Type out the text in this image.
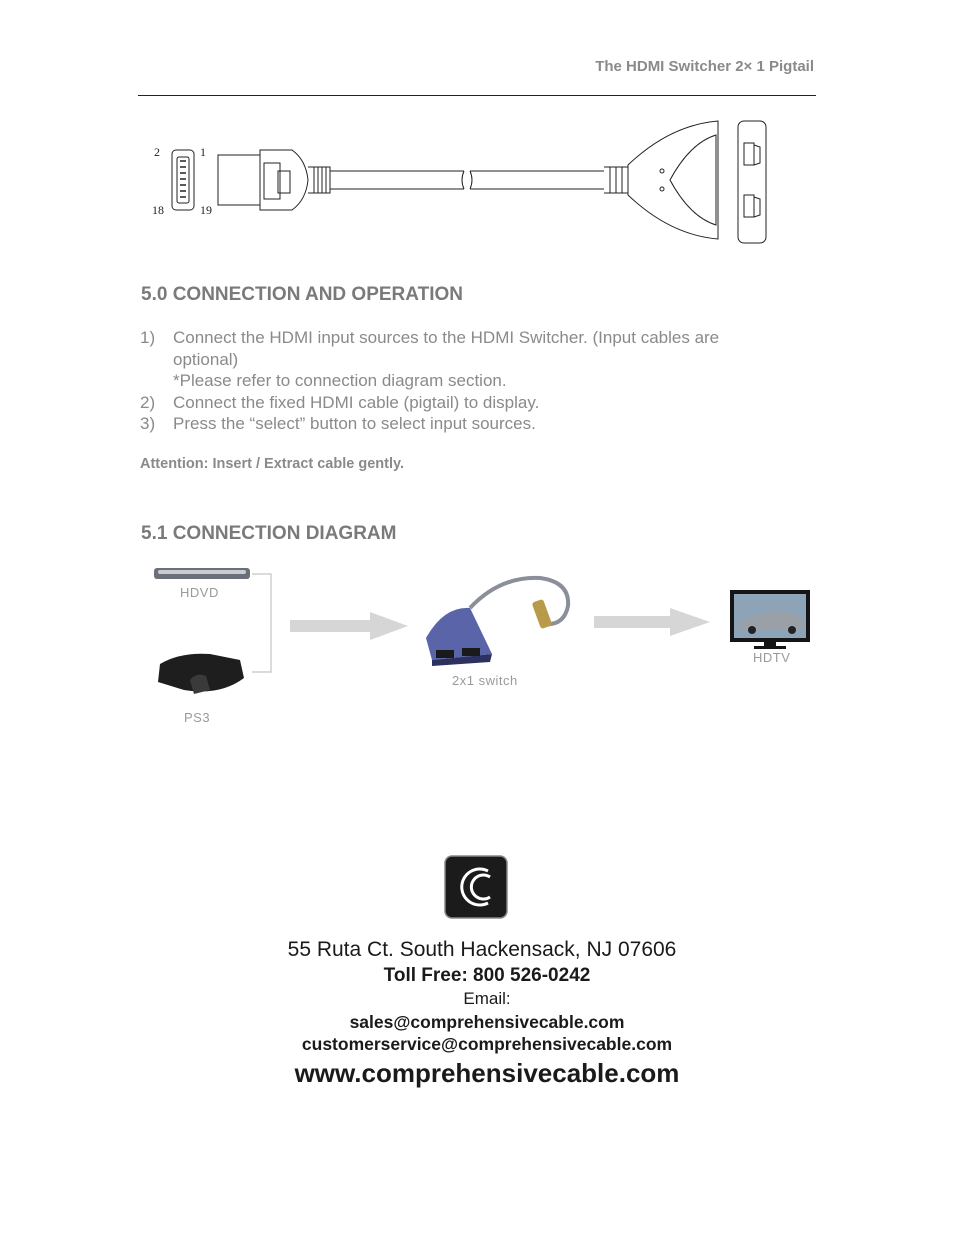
The HDMI Switcher 2× 1 Pigtail
2	1
18	19
5.0 CONNECTION AND OPERATION
1)	Connect the HDMI input sources to the HDMI Switcher. (Input cables are
optional)
*Please refer to connection diagram section.
2)	Connect the fixed HDMI cable (pigtail) to display.
3)	Press the “select” button to select input sources.
Attention: Insert / Extract cable gently.
5.1 CONNECTION DIAGRAM
HDVD
PS3
2x1 switch
HDTV
55 Ruta Ct. South Hackensack, NJ 07606
Toll Free: 800 526-0242
Email:
sales@comprehensivecable.com
customerservice@comprehensivecable.com
www.comprehensivecable.com
